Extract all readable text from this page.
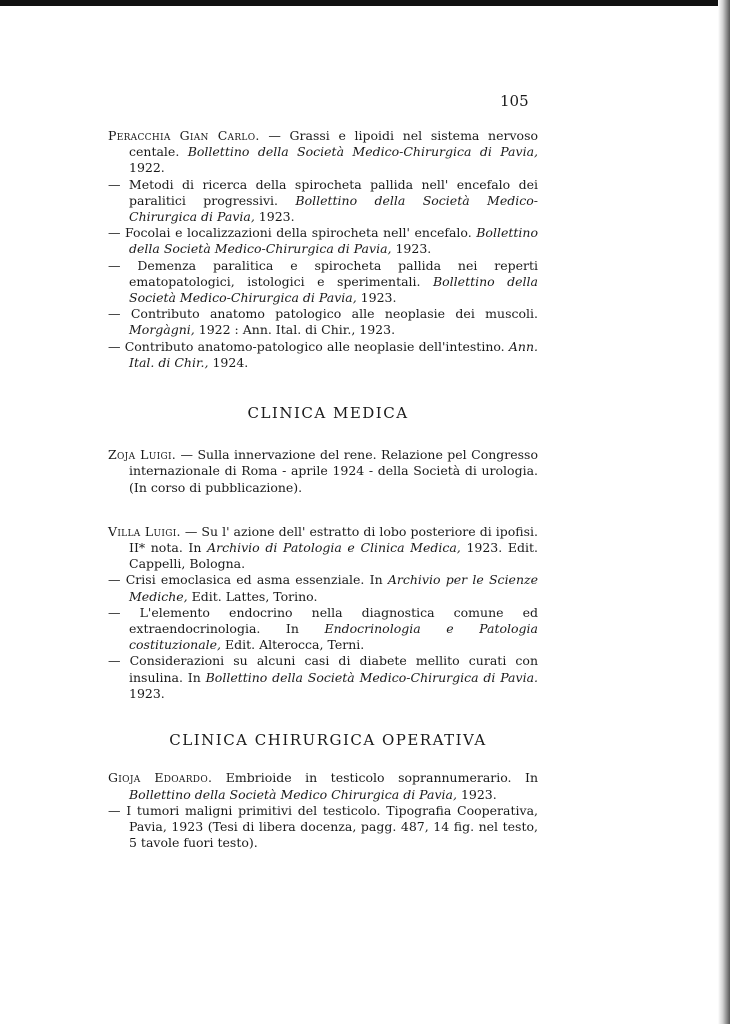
105

Peracchia Gian Carlo. — Grassi e lipoidi nel sistema nervoso centale. Bollettino della Società Medico-Chirurgica di Pavia, 1922.

— Metodi di ricerca della spirocheta pallida nell' encefalo dei paralitici progressivi. Bollettino della Società Medico-Chirurgica di Pavia, 1923.

— Focolai e localizzazioni della spirocheta nell' encefalo. Bollettino della Società Medico-Chirurgica di Pavia, 1923.

— Demenza paralitica e spirocheta pallida nei reperti ematopatologici, istologici e sperimentali. Bollettino della Società Medico-Chirurgica di Pavia, 1923.

— Contributo anatomo patologico alle neoplasie dei muscoli. Morgàgni, 1922 : Ann. Ital. di Chir., 1923.

— Contributo anatomo-patologico alle neoplasie dell'intestino. Ann. Ital. di Chir., 1924.

CLINICA MEDICA

Zoja Luigi. — Sulla innervazione del rene. Relazione pel Congresso internazionale di Roma - aprile 1924 - della Società di urologia. (In corso di pubblicazione).

Villa Luigi. — Su l' azione dell' estratto di lobo posteriore di ipofisi. II* nota. In Archivio di Patologia e Clinica Medica, 1923. Edit. Cappelli, Bologna.

— Crisi emoclasica ed asma essenziale. In Archivio per le Scienze Mediche, Edit. Lattes, Torino.

— L'elemento endocrino nella diagnostica comune ed extraendocrinologia. In Endocrinologia e Patologia costituzionale, Edit. Alterocca, Terni.

— Considerazioni su alcuni casi di diabete mellito curati con insulina. In Bollettino della Società Medico-Chirurgica di Pavia. 1923.

CLINICA CHIRURGICA OPERATIVA

Gioja Edoardo. Embrioide in testicolo soprannumerario. In Bollettino della Società Medico Chirurgica di Pavia, 1923.

— I tumori maligni primitivi del testicolo. Tipografia Cooperativa, Pavia, 1923 (Tesi di libera docenza, pagg. 487, 14 fig. nel testo, 5 tavole fuori testo).
